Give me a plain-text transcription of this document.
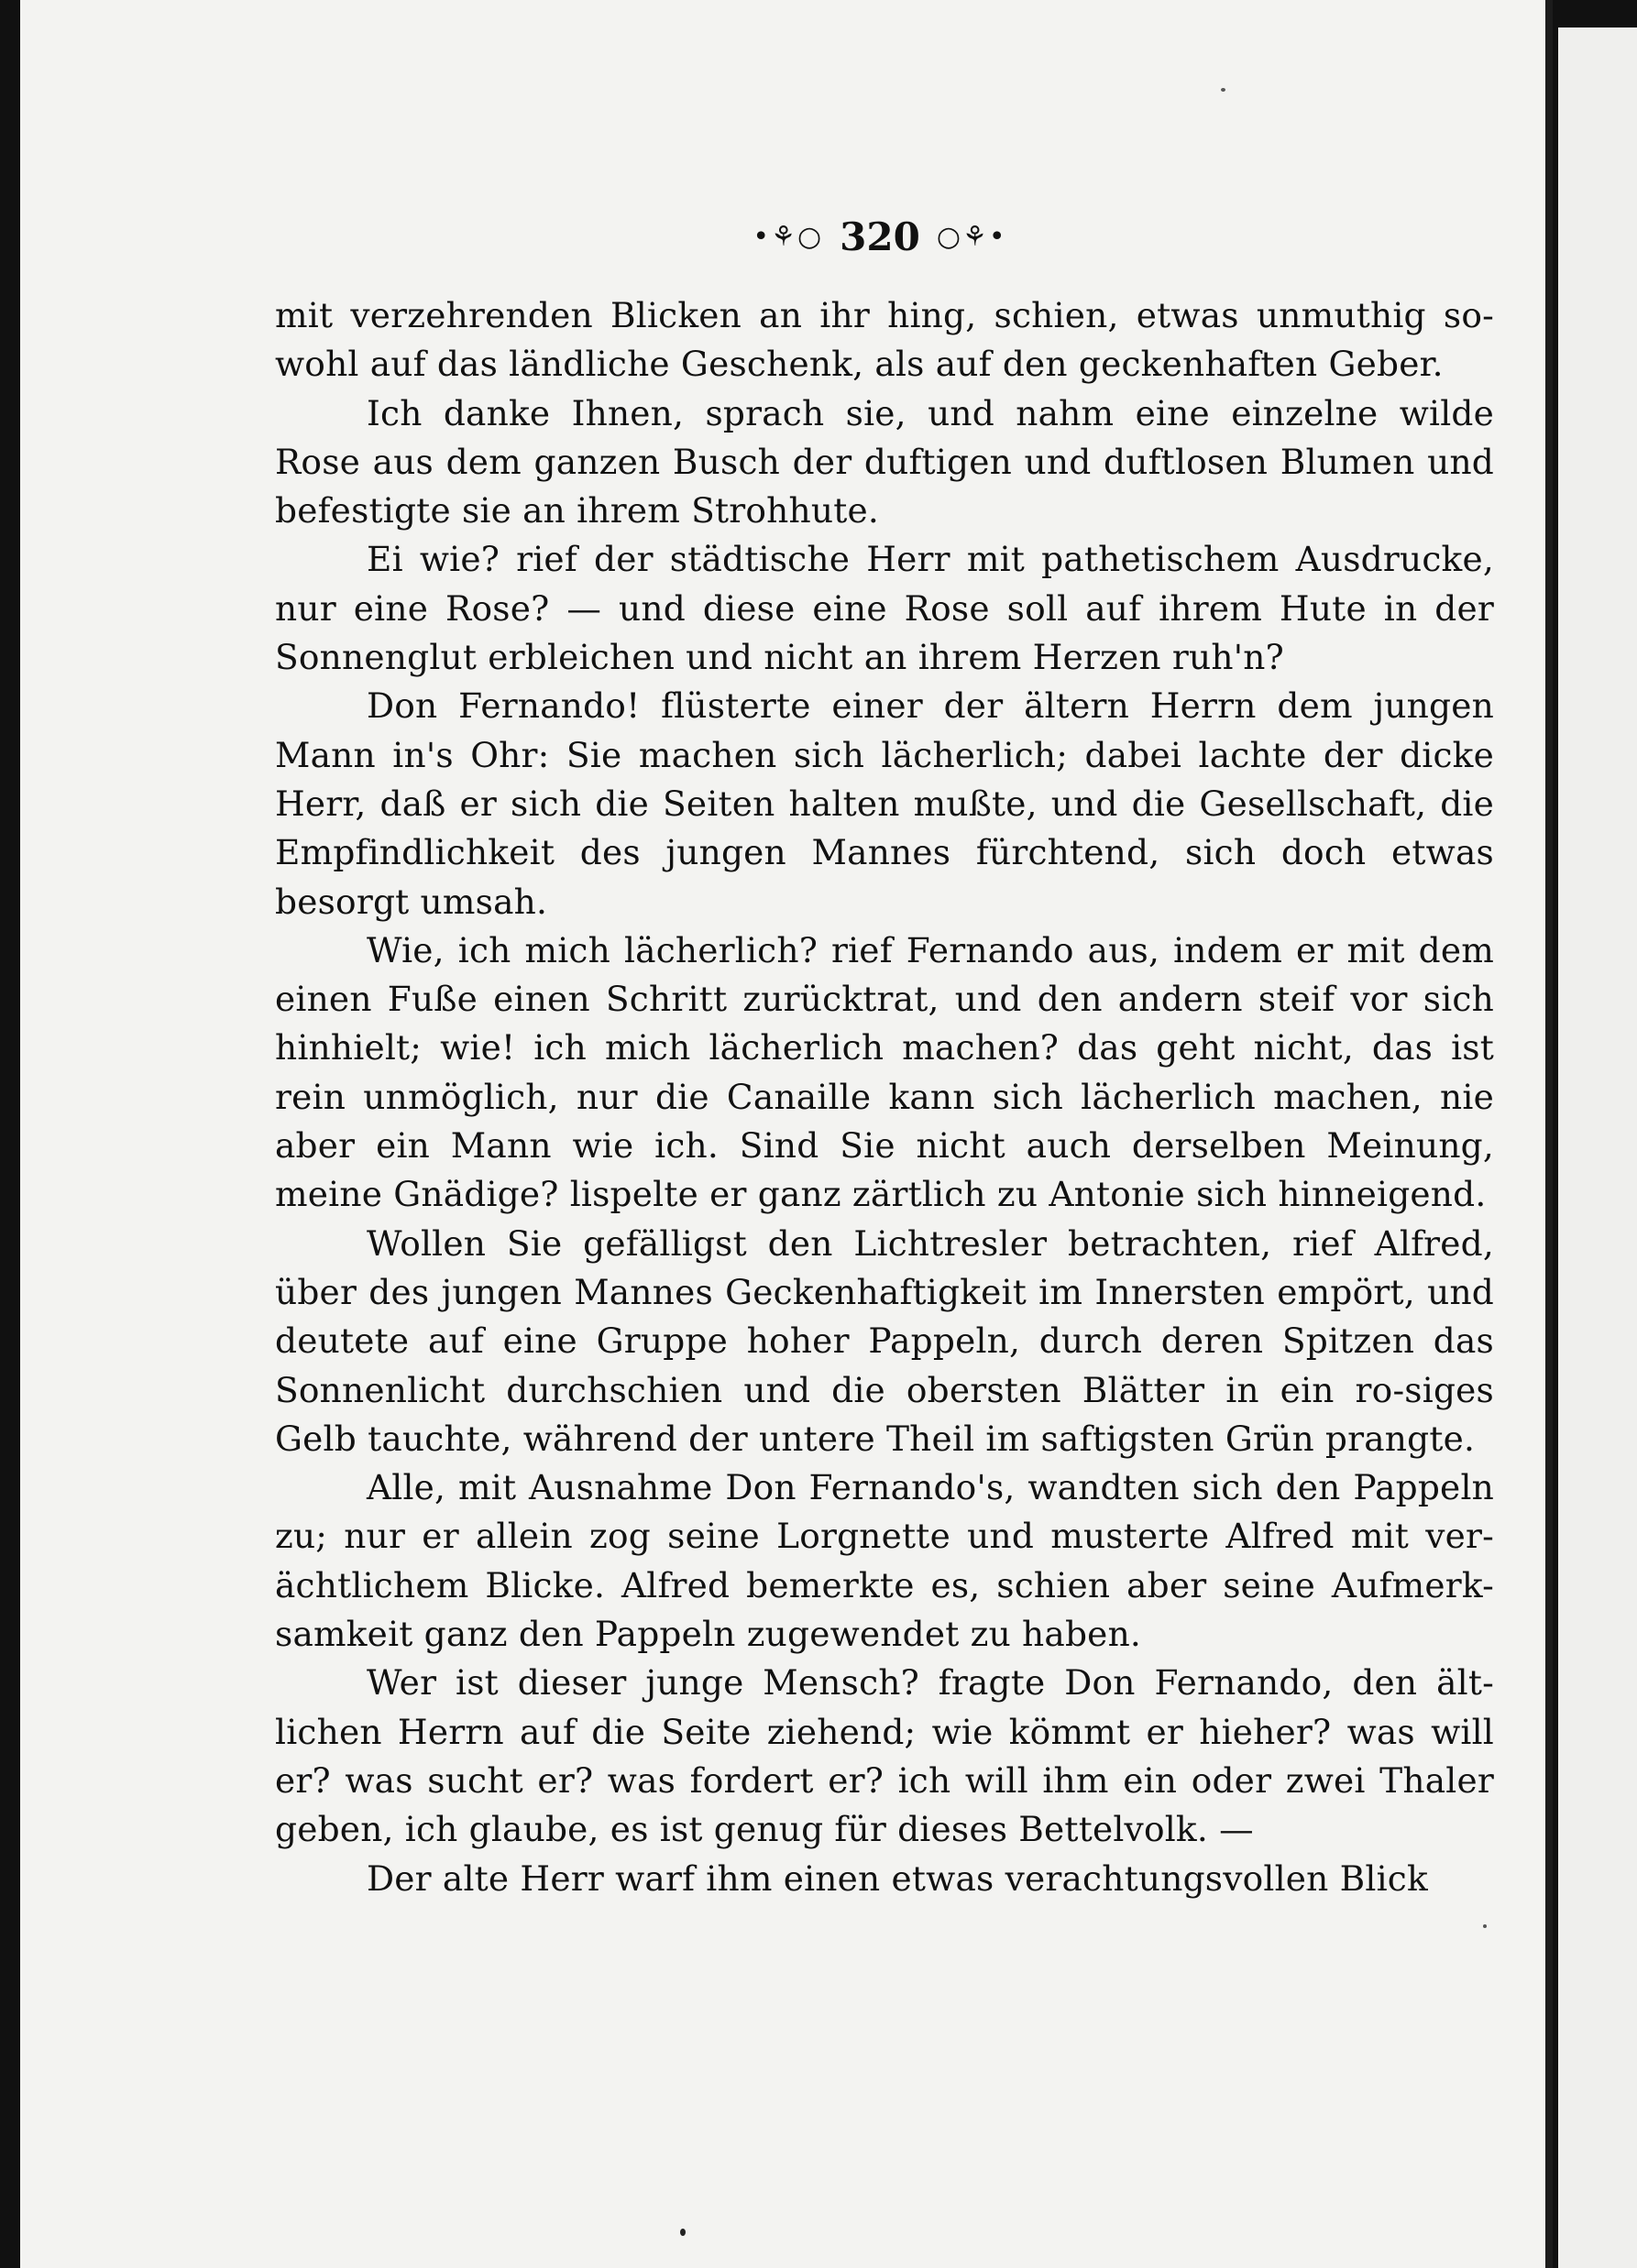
•⚘○ 320 ○⚘•

mit verzehrenden Blicken an ihr hing, schien, etwas unmuthig so-wohl auf das ländliche Geschenk, als auf den geckenhaften Geber.

Ich danke Ihnen, sprach sie, und nahm eine einzelne wilde Rose aus dem ganzen Busch der duftigen und duftlosen Blumen und befestigte sie an ihrem Strohhute.

Ei wie? rief der städtische Herr mit pathetischem Ausdrucke, nur eine Rose? — und diese eine Rose soll auf ihrem Hute in der Sonnenglut erbleichen und nicht an ihrem Herzen ruh'n?

Don Fernando! flüsterte einer der ältern Herrn dem jungen Mann in's Ohr: Sie machen sich lächerlich; dabei lachte der dicke Herr, daß er sich die Seiten halten mußte, und die Gesellschaft, die Empfindlichkeit des jungen Mannes fürchtend, sich doch etwas besorgt umsah.

Wie, ich mich lächerlich? rief Fernando aus, indem er mit dem einen Fuße einen Schritt zurücktrat, und den andern steif vor sich hinhielt; wie! ich mich lächerlich machen? das geht nicht, das ist rein unmöglich, nur die Canaille kann sich lächerlich machen, nie aber ein Mann wie ich. Sind Sie nicht auch derselben Meinung, meine Gnädige? lispelte er ganz zärtlich zu Antonie sich hinneigend.

Wollen Sie gefälligst den Lichtresler betrachten, rief Alfred, über des jungen Mannes Geckenhaftigkeit im Innersten empört, und deutete auf eine Gruppe hoher Pappeln, durch deren Spitzen das Sonnenlicht durchschien und die obersten Blätter in ein ro-siges Gelb tauchte, während der untere Theil im saftigsten Grün prangte.

Alle, mit Ausnahme Don Fernando's, wandten sich den Pappeln zu; nur er allein zog seine Lorgnette und musterte Alfred mit ver-ächtlichem Blicke. Alfred bemerkte es, schien aber seine Aufmerk-samkeit ganz den Pappeln zugewendet zu haben.

Wer ist dieser junge Mensch? fragte Don Fernando, den ält-lichen Herrn auf die Seite ziehend; wie kömmt er hieher? was will er? was sucht er? was fordert er? ich will ihm ein oder zwei Thaler geben, ich glaube, es ist genug für dieses Bettelvolk. —

Der alte Herr warf ihm einen etwas verachtungsvollen Blick
